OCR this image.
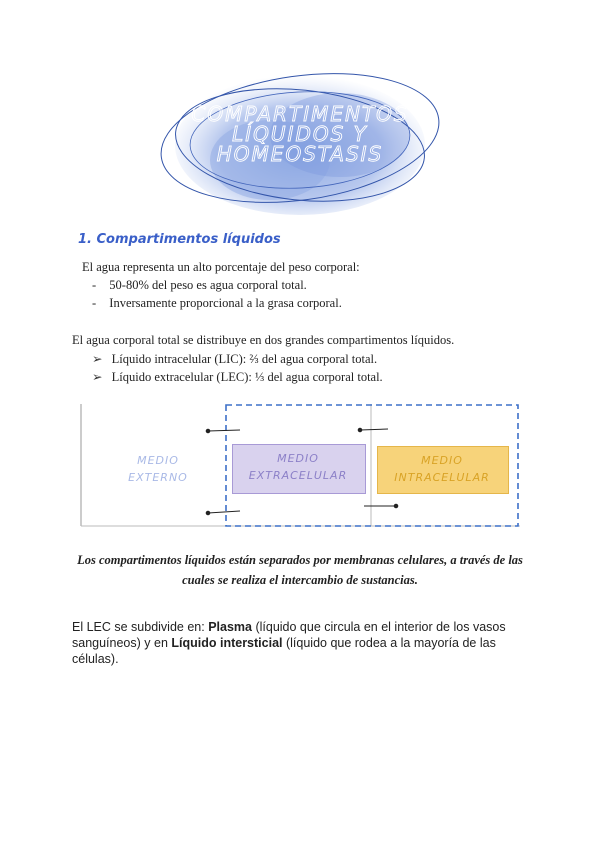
COMPARTIMENTOS
LÍQUIDOS Y
HOMEOSTASIS
1. Compartimentos líquidos
El agua representa un alto porcentaje del peso corporal:
- 50-80% del peso es agua corporal total.
- Inversamente proporcional a la grasa corporal.
El agua corporal total se distribuye en dos grandes compartimentos líquidos.
➢ Líquido intracelular (LIC): ⅔ del agua corporal total.
➢ Líquido extracelular (LEC): ⅓ del agua corporal total.
MEDIO EXTERNO
MEDIO EXTRACELULAR
MEDIO INTRACELULAR
Los compartimentos líquidos están separados por membranas celulares, a través de las cuales se realiza el intercambio de sustancias.
El LEC se subdivide en: Plasma (líquido que circula en el interior de los vasos sanguíneos) y en Líquido intersticial (líquido que rodea a la mayoría de las células).
